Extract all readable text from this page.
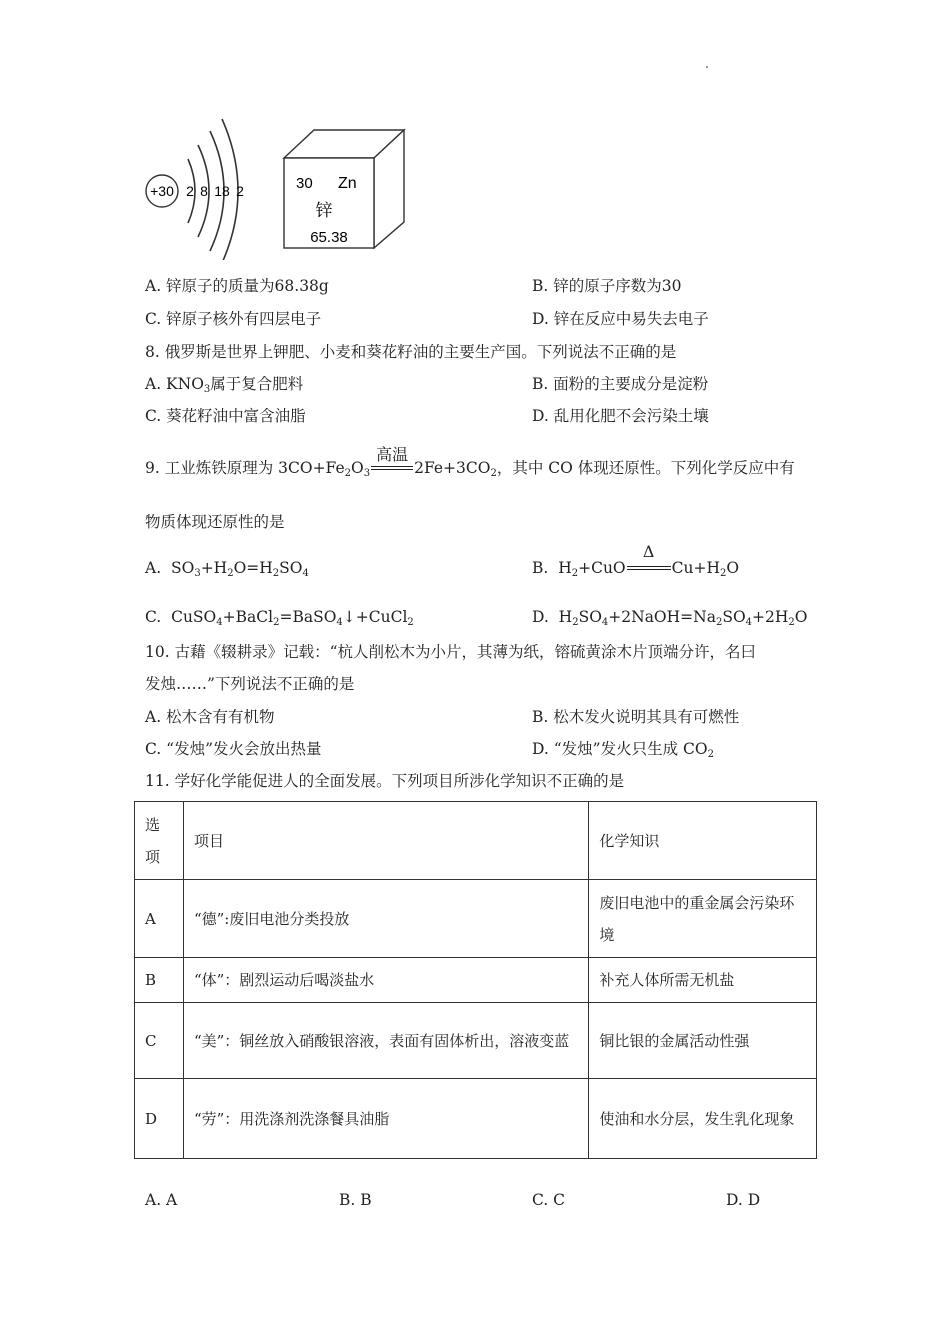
+30 2 8 18 2	30 Zn
锌
65.38
A. 锌原子的质量为68.38g	B. 锌的原子序数为30
C. 锌原子核外有四层电子	D. 锌在反应中易失去电子
8. 俄罗斯是世界上钾肥、小麦和葵花籽油的主要生产国。下列说法不正确的是
A. $KNO_3$属于复合肥料	B. 面粉的主要成分是淀粉
C. 葵花籽油中富含油脂	D. 乱用化肥不会污染土壤
9. 工业炼铁原理为 $3CO+Fe_2O_3$
高温
$2Fe+3CO_2$，其中 CO 体现还原性。下列化学反应中有
物质体现还原性的是
A. $SO_3+H_2O=H_2SO_4$	B. $H_2+CuO$
Δ
$Cu+H_2O$
C. CuSO$_4$+BaCl$_2$=BaSO$_4$↓+CuCl$_2$	D. $H_2SO_4+2NaOH=Na_2SO_4+2H_2O$
10. 古藉《辍耕录》记载：“杭人削松木为小片，其薄为纸，镕硫黄涂木片顶端分许，名曰
发烛……”下列说法不正确的是
A. 松木含有有机物	B. 松木发火说明其具有可燃性
C. “发烛”发火会放出热量	D. “发烛”发火只生成 $CO_2$
11. 学好化学能促进人的全面发展。下列项目所涉化学知识不正确的是
选项	项目	化学知识
A	“德”:废旧电池分类投放	废旧电池中的重金属会污染环境
B	“体”：剧烈运动后喝淡盐水	补充人体所需无机盐
C	“美”：铜丝放入硝酸银溶液，表面有固体析出，溶液变蓝	铜比银的金属活动性强
D	“劳”：用洗涤剂洗涤餐具油脂	使油和水分层，发生乳化现象
A. A	B. B	C. C	D. D
